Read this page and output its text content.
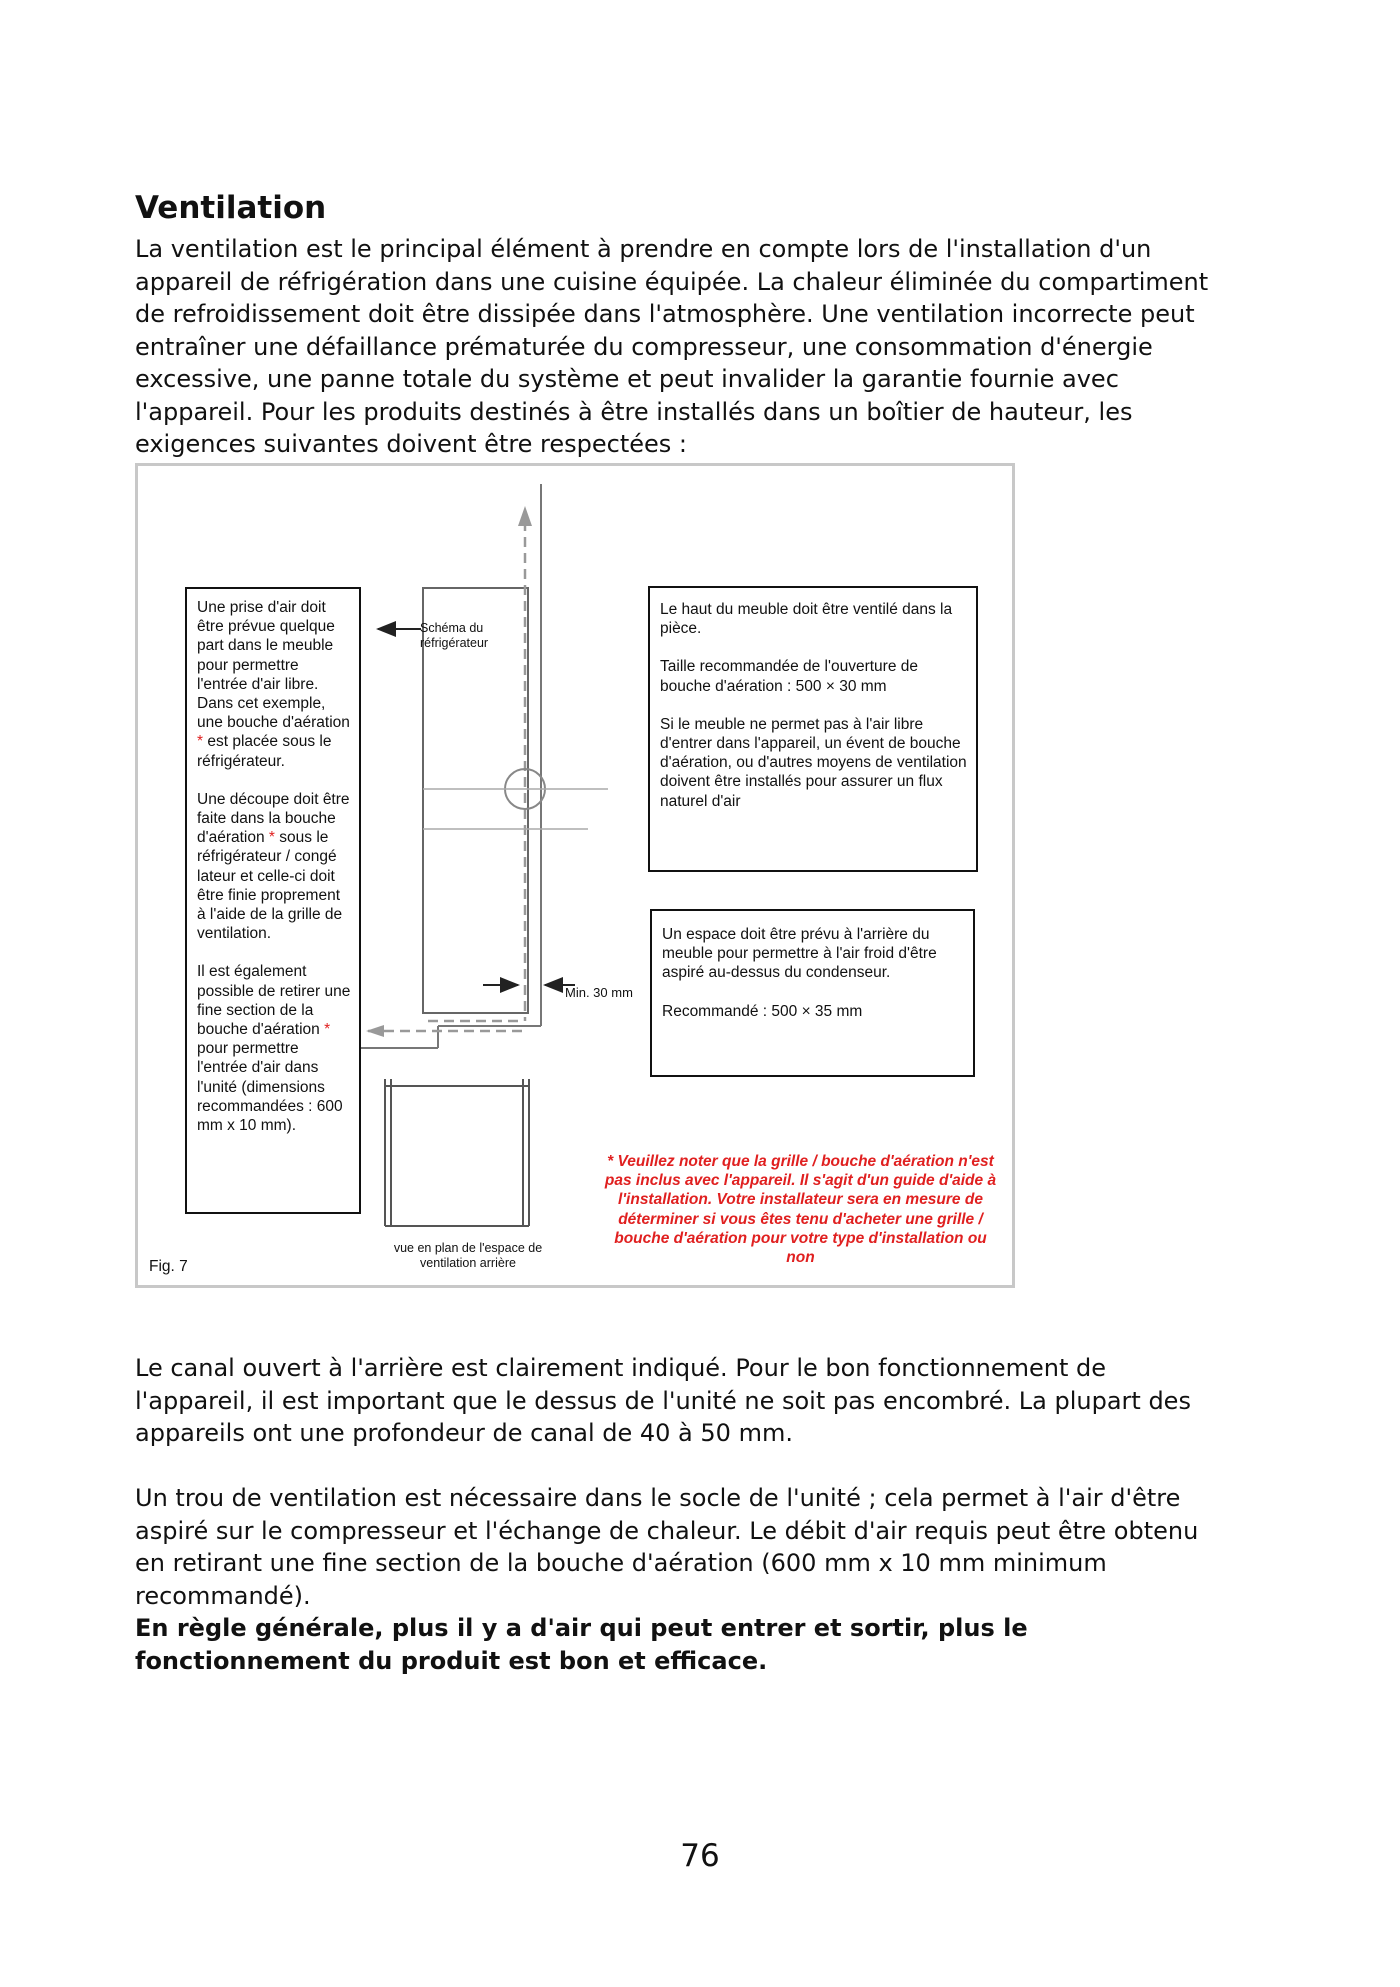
Ventilation

La ventilation est le principal élément à prendre en compte lors de l'installation d'un appareil de réfrigération dans une cuisine équipée. La chaleur éliminée du compartiment de refroidissement doit être dissipée dans l'atmosphère. Une ventilation incorrecte peut entraîner une défaillance prématurée du compresseur, une consommation d'énergie excessive, une panne totale du système et peut invalider la garantie fournie avec l'appareil. Pour les produits destinés à être installés dans un boîtier de hauteur, les exigences suivantes doivent être respectées :

Une prise d'air doit être prévue quelque part dans le meuble pour permettre l'entrée d'air libre. Dans cet exemple, une bouche d'aération * est placée sous le réfrigérateur.

Une découpe doit être faite dans la bouche d'aération * sous le réfrigérateur / congé lateur et celle-ci doit être finie proprement à l'aide de la grille de ventilation.

Il est également possible de retirer une fine section de la bouche d'aération * pour permettre l'entrée d'air dans l'unité (dimensions recommandées : 600 mm x 10 mm).

Schéma du réfrigérateur
Min. 30 mm
vue en plan de l'espace de ventilation arrière
Fig. 7

Le haut du meuble doit être ventilé dans la pièce.

Taille recommandée de l'ouverture de bouche d'aération : 500 × 30 mm

Si le meuble ne permet pas à l'air libre d'entrer dans l'appareil, un évent de bouche d'aération, ou d'autres moyens de ventilation doivent être installés pour assurer un flux naturel d'air

Un espace doit être prévu à l'arrière du meuble pour permettre à l'air froid d'être aspiré au-dessus du condenseur.

Recommandé : 500 × 35 mm

* Veuillez noter que la grille / bouche d'aération n'est pas inclus avec l'appareil. Il s'agit d'un guide d'aide à l'installation. Votre installateur sera en mesure de déterminer si vous êtes tenu d'acheter une grille / bouche d'aération pour votre type d'installation ou non

Le canal ouvert à l'arrière est clairement indiqué. Pour le bon fonctionnement de l'appareil, il est important que le dessus de l'unité ne soit pas encombré. La plupart des appareils ont une profondeur de canal de 40 à 50 mm.

Un trou de ventilation est nécessaire dans le socle de l'unité ; cela permet à l'air d'être aspiré sur le compresseur et l'échange de chaleur. Le débit d'air requis peut être obtenu en retirant une fine section de la bouche d'aération (600 mm x 10 mm minimum recommandé).

En règle générale, plus il y a d'air qui peut entrer et sortir, plus le fonctionnement du produit est bon et efficace.

76
